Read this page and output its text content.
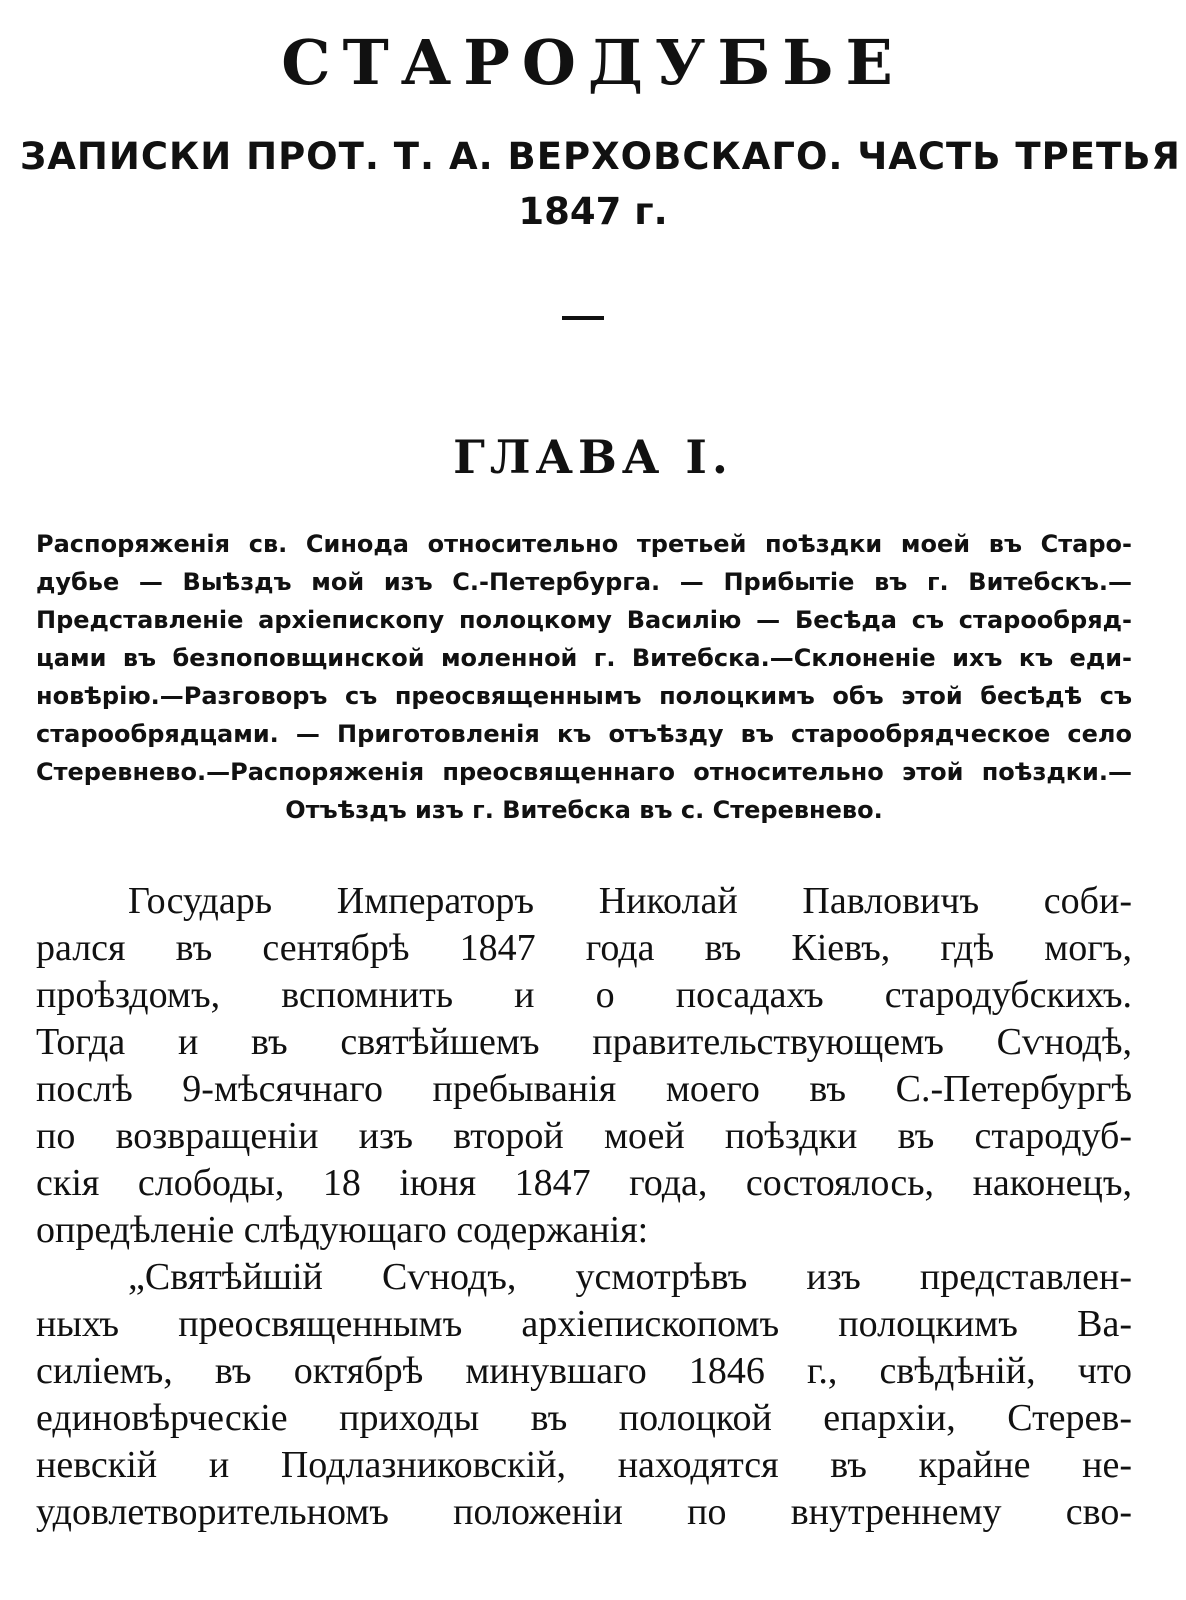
СТАРОДУБЬЕ
ЗАПИСКИ ПРОТ. Т. А. ВЕРХОВСКАГО. ЧАСТЬ ТРЕТЬЯ
1847 г.
ГЛАВА I.
Распоряженія св. Синода относительно третьей поѣздки моей въ Старо-
дубье — Выѣздъ мой изъ С.-Петербурга. — Прибытіе въ г. Витебскъ.—
Представленіе архіепископу полоцкому Василію — Бесѣда съ старообряд-
цами въ безпоповщинской моленной г. Витебска.—Склоненіе ихъ къ еди-
новѣрію.—Разговоръ съ преосвященнымъ полоцкимъ объ этой бесѣдѣ съ
старообрядцами. — Приготовленія къ отъѣзду въ старообрядческое село
Стеревнево.—Распоряженія преосвященнаго относительно этой поѣздки.—
Отъѣздъ изъ г. Витебска въ с. Стеревнево.
Государь Императоръ Николай Павловичъ соби-
рался въ сентябрѣ 1847 года въ Кіевъ, гдѣ могъ,
проѣздомъ, вспомнить и о посадахъ стародубскихъ.
Тогда и въ святѣйшемъ правительствующемъ Сѵнодѣ,
послѣ 9-мѣсячнаго пребыванія моего въ С.-Петербургѣ
по возвращеніи изъ второй моей поѣздки въ стародуб-
скія слободы, 18 іюня 1847 года, состоялось, наконецъ,
опредѣленіе слѣдующаго содержанія:
„Святѣйшій Сѵнодъ, усмотрѣвъ изъ представлен-
ныхъ преосвященнымъ архіепископомъ полоцкимъ Ва-
силіемъ, въ октябрѣ минувшаго 1846 г., свѣдѣній, что
единовѣрческіе приходы въ полоцкой епархіи, Стерев-
невскій и Подлазниковскій, находятся въ крайне не-
удовлетворительномъ положеніи по внутреннему сво-
